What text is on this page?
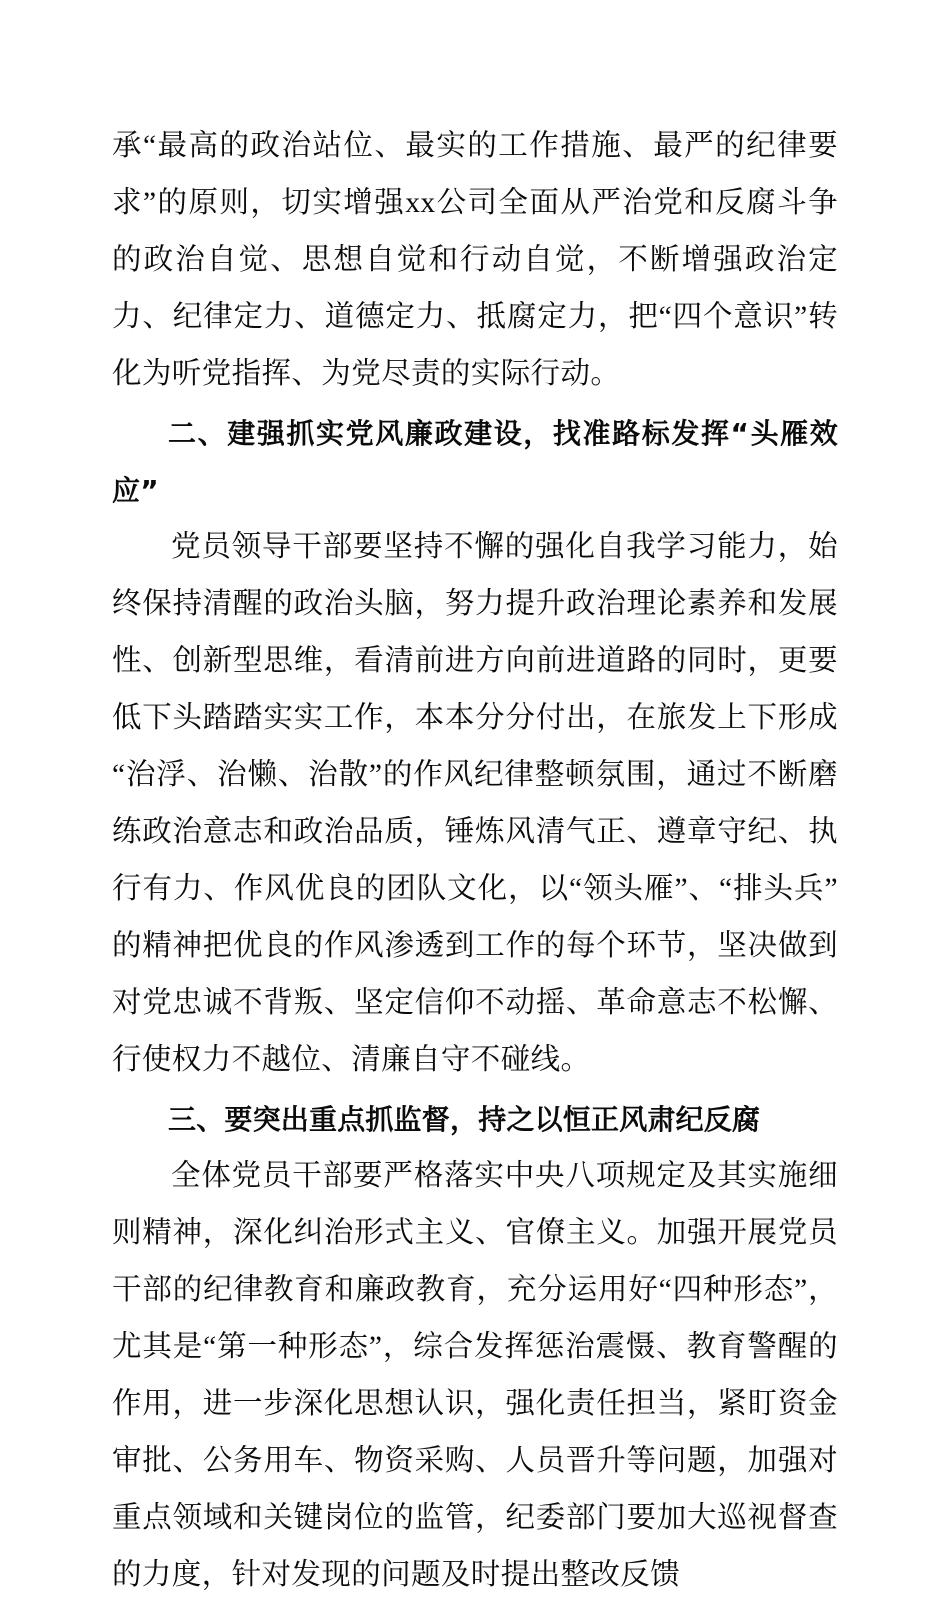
承“最高的政治站位、最实的工作措施、最严的纪律要求”的原则，切实增强xx公司全面从严治党和反腐斗争的政治自觉、思想自觉和行动自觉，不断增强政治定力、纪律定力、道德定力、抵腐定力，把“四个意识”转化为听党指挥、为党尽责的实际行动。

二、建强抓实党风廉政建设，找准路标发挥“头雁效应”

党员领导干部要坚持不懈的强化自我学习能力，始终保持清醒的政治头脑，努力提升政治理论素养和发展性、创新型思维，看清前进方向前进道路的同时，更要低下头踏踏实实工作，本本分分付出，在旅发上下形成“治浮、治懒、治散”的作风纪律整顿氛围，通过不断磨练政治意志和政治品质，锤炼风清气正、遵章守纪、执行有力、作风优良的团队文化，以“领头雁”、“排头兵”的精神把优良的作风渗透到工作的每个环节，坚决做到对党忠诚不背叛、坚定信仰不动摇、革命意志不松懈、行使权力不越位、清廉自守不碰线。

三、要突出重点抓监督，持之以恒正风肃纪反腐

全体党员干部要严格落实中央八项规定及其实施细则精神，深化纠治形式主义、官僚主义。加强开展党员干部的纪律教育和廉政教育，充分运用好“四种形态”，尤其是“第一种形态”，综合发挥惩治震慑、教育警醒的作用，进一步深化思想认识，强化责任担当，紧盯资金审批、公务用车、物资采购、人员晋升等问题，加强对重点领域和关键岗位的监管，纪委部门要加大巡视督查的力度，针对发现的问题及时提出整改反馈
